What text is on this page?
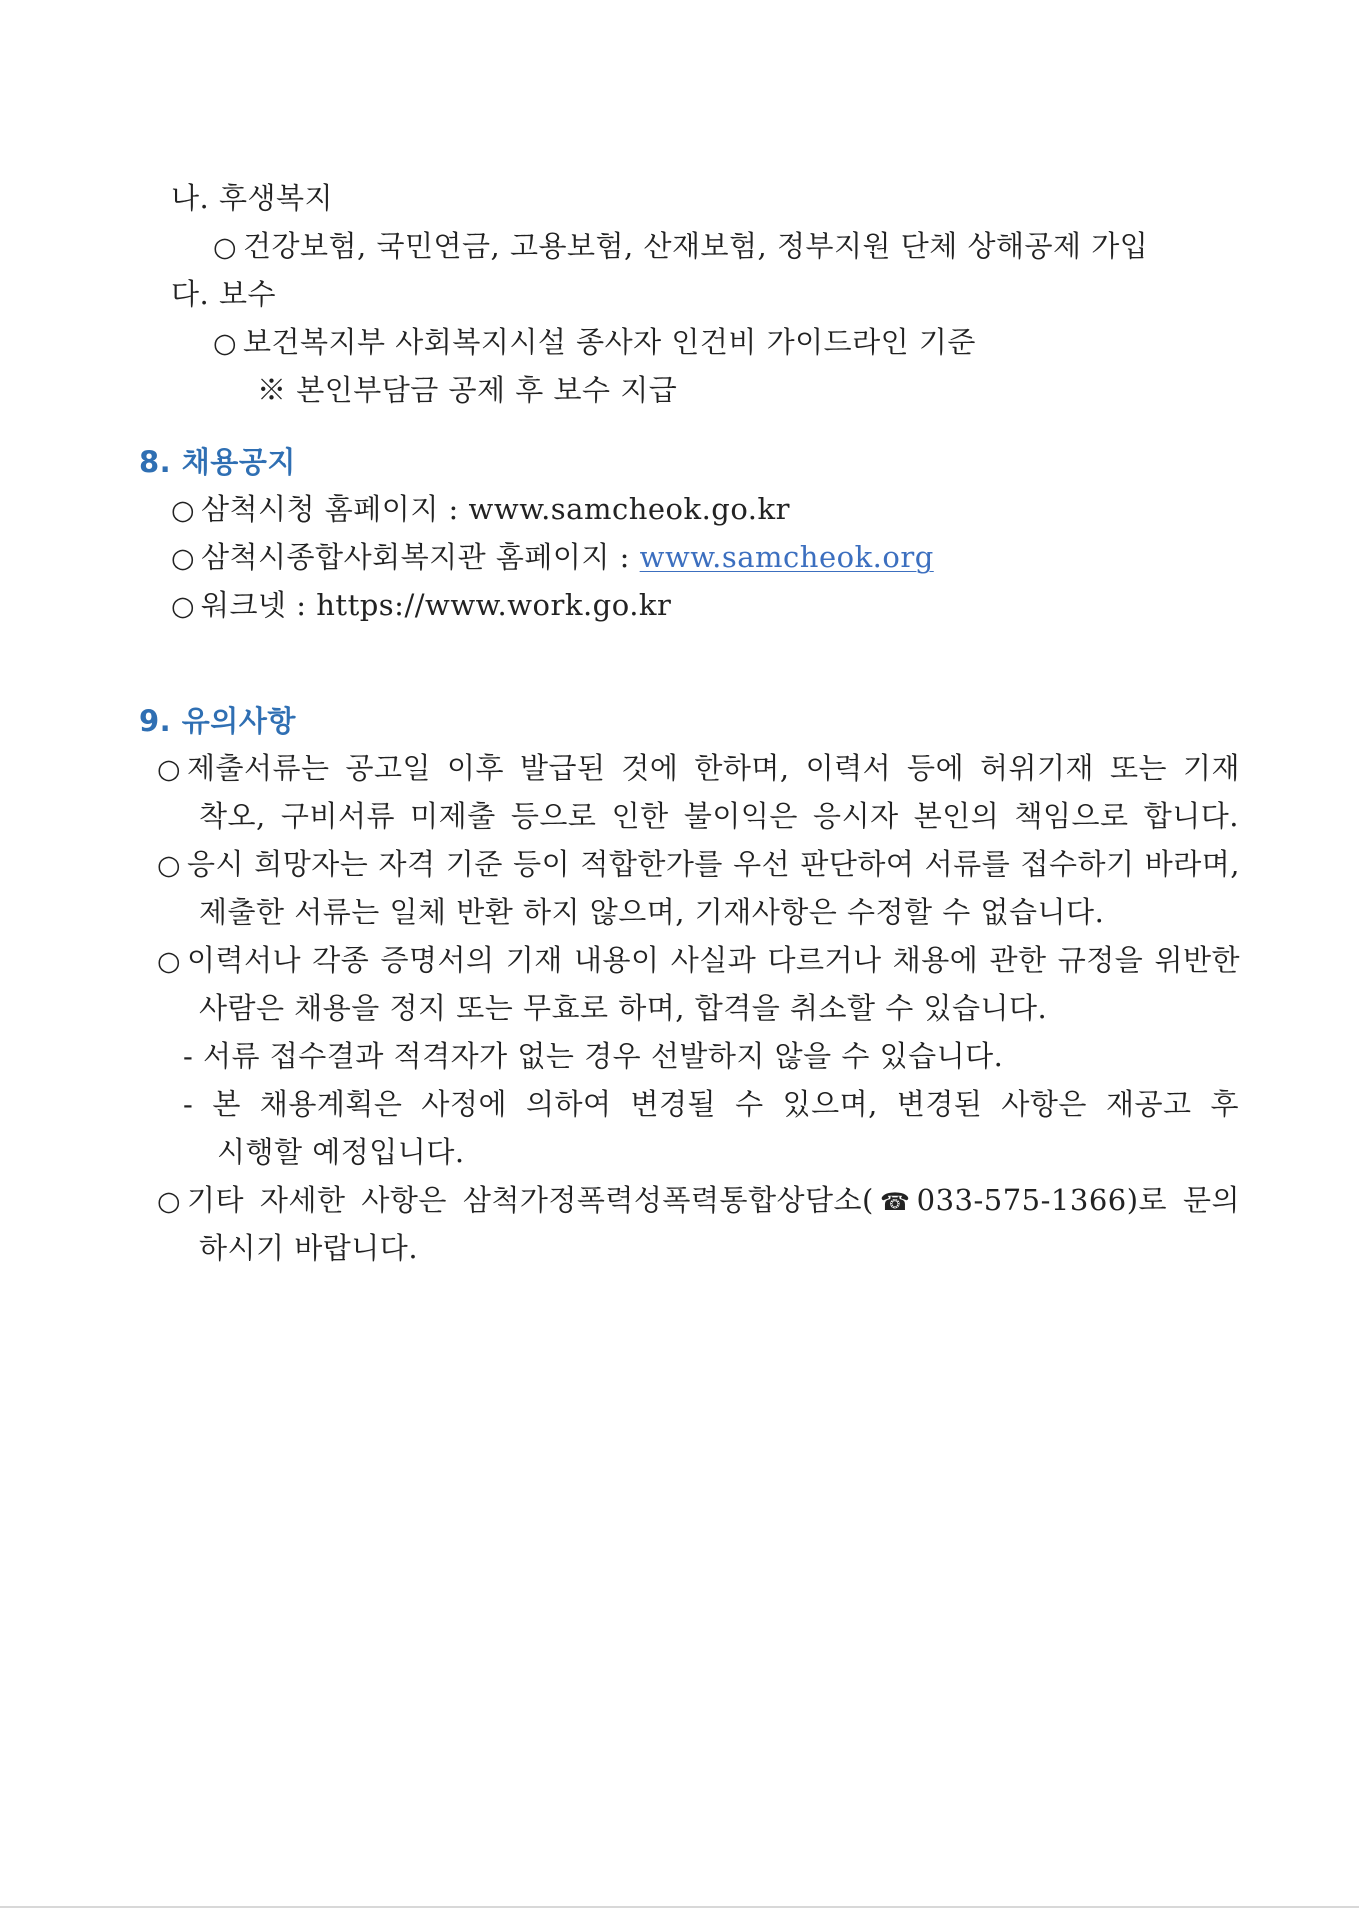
나. 후생복지
○ 건강보험, 국민연금, 고용보험, 산재보험, 정부지원 단체 상해공제 가입
다. 보수
○ 보건복지부 사회복지시설 종사자 인건비 가이드라인 기준
※ 본인부담금 공제 후 보수 지급
8. 채용공지
○ 삼척시청 홈페이지 : www.samcheok.go.kr
○ 삼척시종합사회복지관 홈페이지 : www.samcheok.org
○ 워크넷 : https://www.work.go.kr
9. 유의사항
○ 제출서류는 공고일 이후 발급된 것에 한하며, 이력서 등에 허위기재 또는 기재
착오, 구비서류 미제출 등으로 인한 불이익은 응시자 본인의 책임으로 합니다.
○ 응시 희망자는 자격 기준 등이 적합한가를 우선 판단하여 서류를 접수하기 바라며,
제출한 서류는 일체 반환 하지 않으며, 기재사항은 수정할 수 없습니다.
○ 이력서나 각종 증명서의 기재 내용이 사실과 다르거나 채용에 관한 규정을 위반한
사람은 채용을 정지 또는 무효로 하며, 합격을 취소할 수 있습니다.
- 서류 접수결과 적격자가 없는 경우 선발하지 않을 수 있습니다.
- 본 채용계획은 사정에 의하여 변경될 수 있으며, 변경된 사항은 재공고 후
시행할 예정입니다.
○ 기타 자세한 사항은 삼척가정폭력성폭력통합상담소(☎033-575-1366)로 문의
하시기 바랍니다.
